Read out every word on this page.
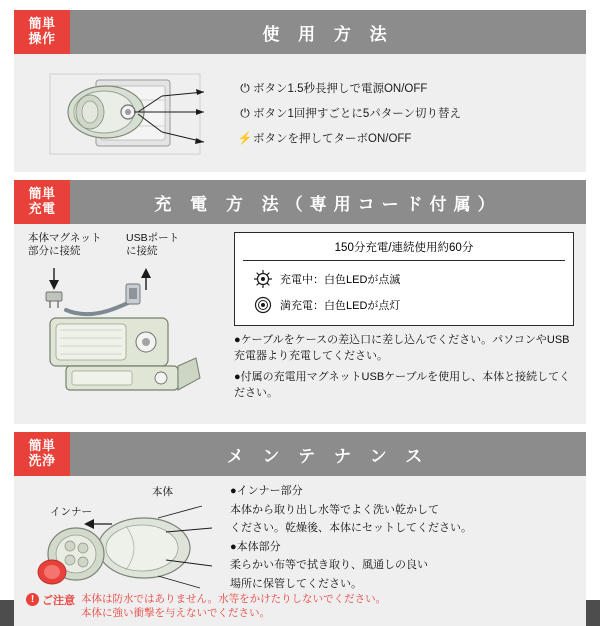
簡単
操作	使 用 方 法
⏻ ボタン1.5秒長押しで電源ON/OFF
⏻ ボタン1回押すごとに5パターン切り替え
⚡ ボタンを押してターボON/OFF
簡単
充電	充 電 方 法（専用コード付属）
本体マグネット
部分に接続
USBポート
に接続	150分充電/連続使用約60分
充電中：白色LEDが点滅
満充電：白色LEDが点灯

●ケーブルをケースの差込口に差し込んでください。パソコンやUSB充電器より充電してください。

●付属の充電用マグネットUSBケーブルを使用し、本体と接続してください。

簡単
洗浄	メ ン テ ナ ン ス
インナー
本体	●インナー部分

本体から取り出し水等でよく洗い乾かして

ください。乾燥後、本体にセットしてください。

●本体部分

柔らかい布等で拭き取り、風通しの良い

場所に保管してください。

! ご注意 本体は防水ではありません。水等をかけたりしないでください。
本体に強い衝撃を与えないでください。
